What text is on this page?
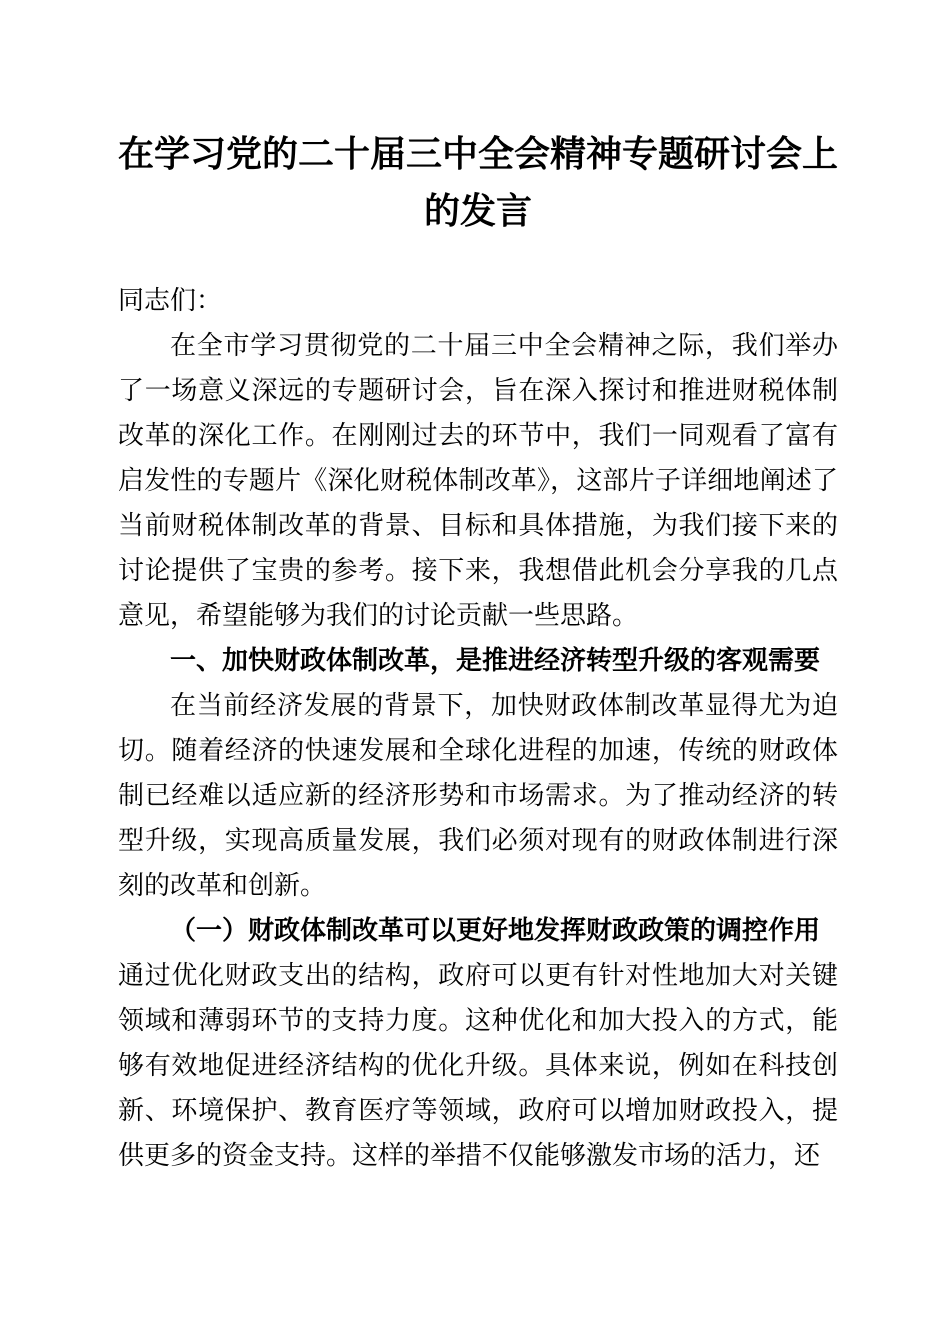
在学习党的二十届三中全会精神专题研讨会上的发言

同志们：

在全市学习贯彻党的二十届三中全会精神之际，我们举办了一场意义深远的专题研讨会，旨在深入探讨和推进财税体制改革的深化工作。在刚刚过去的环节中，我们一同观看了富有启发性的专题片《深化财税体制改革》，这部片子详细地阐述了当前财税体制改革的背景、目标和具体措施，为我们接下来的讨论提供了宝贵的参考。接下来，我想借此机会分享我的几点意见，希望能够为我们的讨论贡献一些思路。

一、加快财政体制改革，是推进经济转型升级的客观需要

在当前经济发展的背景下，加快财政体制改革显得尤为迫切。随着经济的快速发展和全球化进程的加速，传统的财政体制已经难以适应新的经济形势和市场需求。为了推动经济的转型升级，实现高质量发展，我们必须对现有的财政体制进行深刻的改革和创新。

（一）财政体制改革可以更好地发挥财政政策的调控作用

通过优化财政支出的结构，政府可以更有针对性地加大对关键领域和薄弱环节的支持力度。这种优化和加大投入的方式，能够有效地促进经济结构的优化升级。具体来说，例如在科技创新、环境保护、教育医疗等领域，政府可以增加财政投入，提供更多的资金支持。这样的举措不仅能够激发市场的活力，还
